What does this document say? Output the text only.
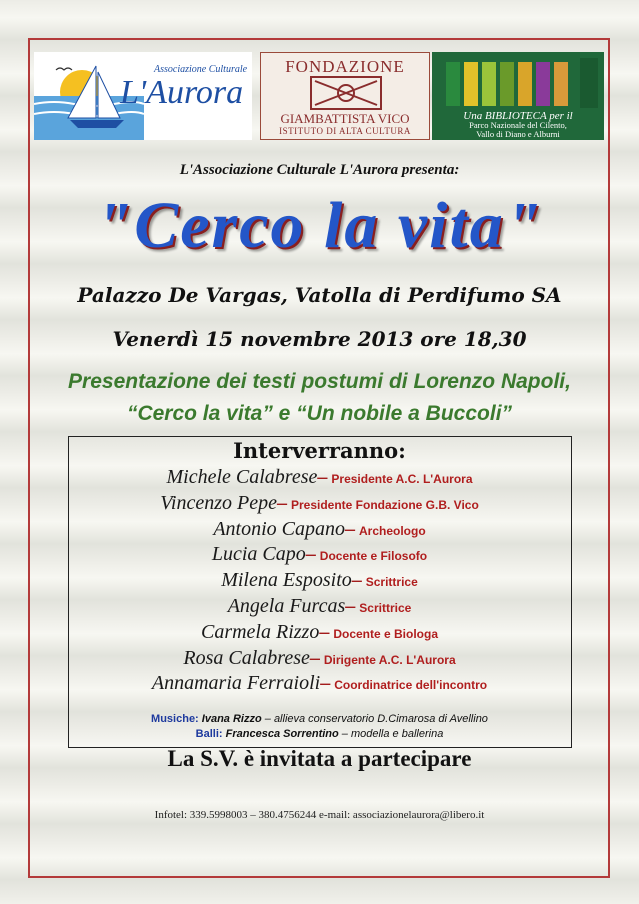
Associazione Culturale
L'Aurora
FONDAZIONE
GIAMBATTISTA VICO
ISTITUTO DI ALTA CULTURA
Una BIBLIOTECA per il
Parco Nazionale del Cilento,
Vallo di Diano e Alburni
L'Associazione Culturale L'Aurora presenta:
"Cerco la vita"
Palazzo De Vargas, Vatolla di Perdifumo SA
Venerdì 15 novembre 2013 ore 18,30
Presentazione dei testi postumi di Lorenzo Napoli,
“Cerco la vita” e “Un nobile a Buccoli”
Interverranno:
Michele Calabrese– Presidente A.C. L'Aurora
Vincenzo Pepe– Presidente Fondazione G.B. Vico
Antonio Capano– Archeologo
Lucia Capo– Docente e Filosofo
Milena Esposito– Scrittrice
Angela Furcas– Scrittrice
Carmela Rizzo– Docente e Biologa
Rosa Calabrese– Dirigente A.C. L'Aurora
Annamaria Ferraioli– Coordinatrice dell'incontro
Musiche: Ivana Rizzo – allieva conservatorio D.Cimarosa di Avellino
Balli: Francesca Sorrentino – modella e ballerina
La S.V. è invitata a partecipare
Infotel: 339.5998003 – 380.4756244 e-mail: associazionelaurora@libero.it
